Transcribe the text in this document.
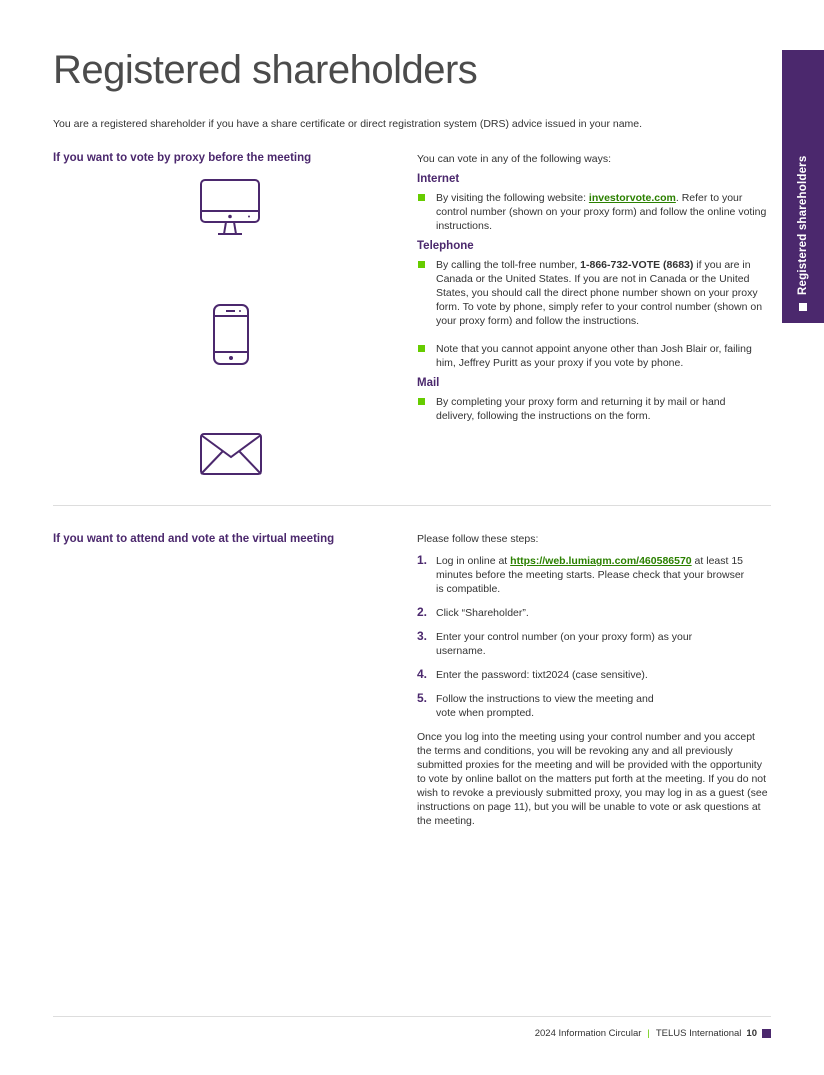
Registered shareholders
You are a registered shareholder if you have a share certificate or direct registration system (DRS) advice issued in your name.
Registered shareholders
If you want to vote by proxy before the meeting	You can vote in any of the following ways:

Internet
By visiting the following website: investorvote.com. Refer to your control number (shown on your proxy form) and follow the online voting instructions.
Telephone
By calling the toll-free number, 1-866-732-VOTE (8683) if you are in Canada or the United States. If you are not in Canada or the United States, you should call the direct phone number shown on your proxy form. To vote by phone, simply refer to your control number (shown on your proxy form) and follow the instructions.
Note that you cannot appoint anyone other than Josh Blair or, failing him, Jeffrey Puritt as your proxy if you vote by phone.
Mail
By completing your proxy form and returning it by mail or hand delivery, following the instructions on the form.
If you want to attend and vote at the virtual meeting	Please follow these steps:

1. Log in online at https://web.lumiagm.com/460586570 at least 15 minutes before the meeting starts. Please check that your browser is compatible.
2. Click “Shareholder”.
3. Enter your control number (on your proxy form) as your username.
4. Enter the password: tixt2024 (case sensitive).
5. Follow the instructions to view the meeting and vote when prompted.

Once you log into the meeting using your control number and you accept the terms and conditions, you will be revoking any and all previously submitted proxies for the meeting and will be provided with the opportunity to vote by online ballot on the matters put forth at the meeting. If you do not wish to revoke a previously submitted proxy, you may log in as a guest (see instructions on page 11), but you will be unable to vote or ask questions at the meeting.

2024 Information Circular | TELUS International 10
